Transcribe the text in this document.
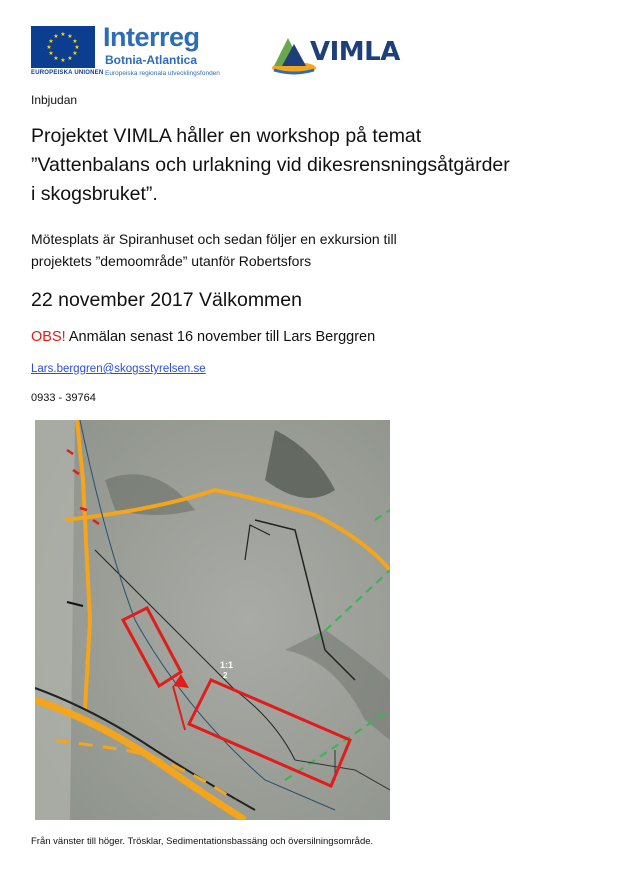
★ ★
★
★
★
★
★
★
★
★
★
★
EUROPEISKA UNIONEN
Interreg
Botnia-Atlantica
Europeiska regionala utvecklingsfonden
VIMLA
Inbjudan
Projektet VIMLA håller en workshop på temat
”Vattenbalans och urlakning vid dikesrensningsåtgärder
i skogsbruket”.
Mötesplats är Spiranhuset och sedan följer en exkursion till
projektets ”demoområde” utanför Robertsfors
22 november 2017 Välkommen
OBS! Anmälan senast 16 november till Lars Berggren
Lars.berggren@skogsstyrelsen.se
0933 - 39764
1:1
2
Från vänster till höger. Trösklar, Sedimentationsbassäng och översilningsområde.
